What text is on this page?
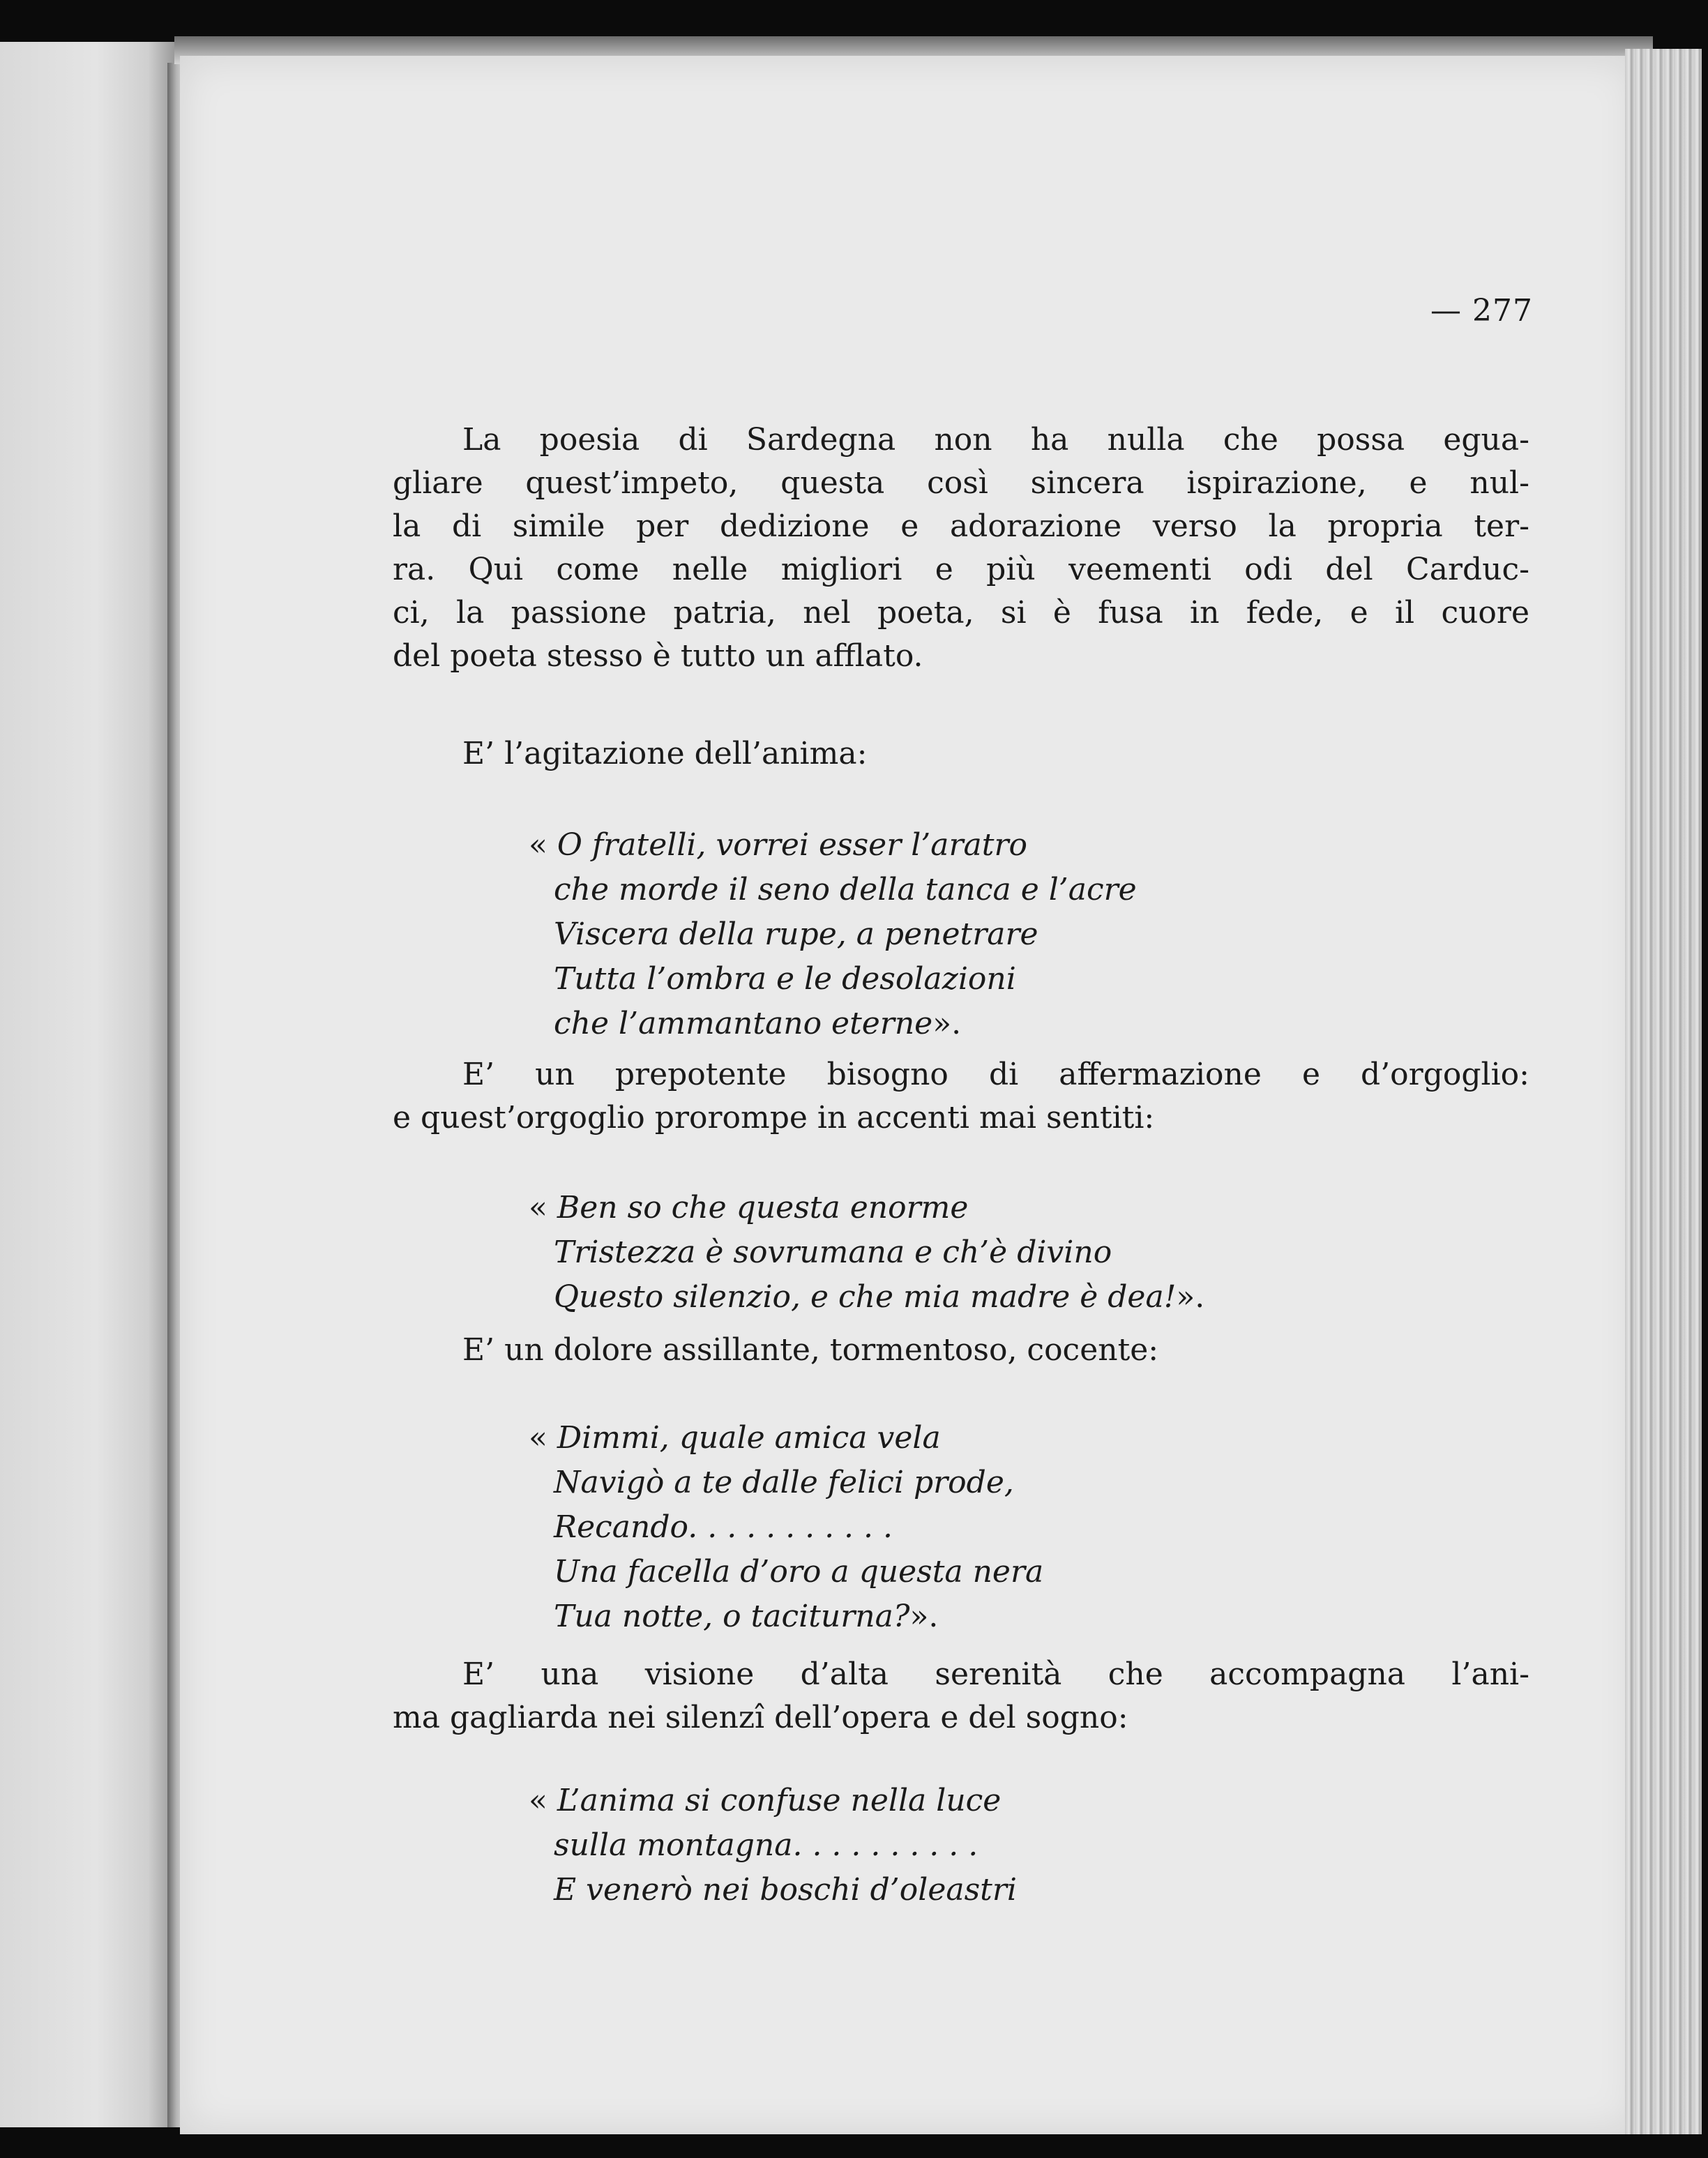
— 277
La poesia di Sardegna non ha nulla che possa egua-
gliare quest’impeto, questa così sincera ispirazione, e nul-
la di simile per dedizione e adorazione verso la propria ter-
ra. Qui come nelle migliori e più veementi odi del Carduc-
ci, la passione patria, nel poeta, si è fusa in fede, e il cuore
del poeta stesso è tutto un afflato.
E’ l’agitazione dell’anima:
« O fratelli, vorrei esser l’aratro
che morde il seno della tanca e l’acre
Viscera della rupe, a penetrare
Tutta l’ombra e le desolazioni
che l’ammantano eterne».
E’ un prepotente bisogno di affermazione e d’orgoglio:
e quest’orgoglio prorompe in accenti mai sentiti:
« Ben so che questa enorme
Tristezza è sovrumana e ch’è divino
Questo silenzio, e che mia madre è dea!».
E’ un dolore assillante, tormentoso, cocente:
« Dimmi, quale amica vela
Navigò a te dalle felici prode,
Recando. . . . . . . . . . .
Una facella d’oro a questa nera
Tua notte, o taciturna?».
E’ una visione d’alta serenità che accompagna l’ani-
ma gagliarda nei silenzî dell’opera e del sogno:
« L’anima si confuse nella luce
sulla montagna. . . . . . . . . .
E venerò nei boschi d’oleastri
